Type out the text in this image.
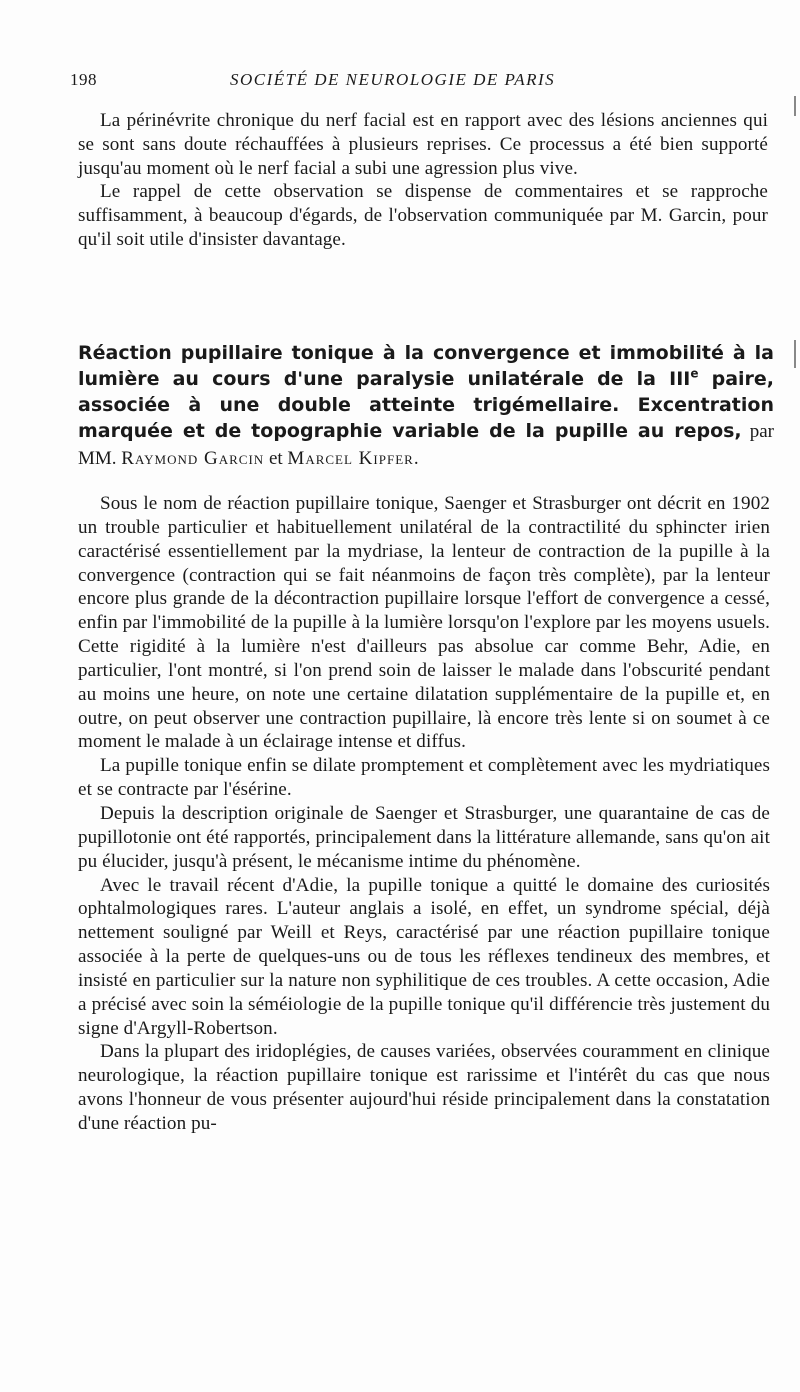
198	SOCIÉTÉ DE NEUROLOGIE DE PARIS

La périnévrite chronique du nerf facial est en rapport avec des lésions anciennes qui se sont sans doute réchauffées à plusieurs reprises. Ce processus a été bien supporté jusqu'au moment où le nerf facial a subi une agression plus vive.

Le rappel de cette observation se dispense de commentaires et se rapproche suffisamment, à beaucoup d'égards, de l'observation communiquée par M. Garcin, pour qu'il soit utile d'insister davantage.

Réaction pupillaire tonique à la convergence et immobilité à la lumière au cours d'une paralysie unilatérale de la IIIe paire, associée à une double atteinte trigémellaire. Excentration marquée et de topographie variable de la pupille au repos, par MM. Raymond Garcin et Marcel Kipfer.

Sous le nom de réaction pupillaire tonique, Saenger et Strasburger ont décrit en 1902 un trouble particulier et habituellement unilatéral de la contractilité du sphincter irien caractérisé essentiellement par la mydriase, la lenteur de contraction de la pupille à la convergence (contraction qui se fait néanmoins de façon très complète), par la lenteur encore plus grande de la décontraction pupillaire lorsque l'effort de convergence a cessé, enfin par l'immobilité de la pupille à la lumière lorsqu'on l'explore par les moyens usuels. Cette rigidité à la lumière n'est d'ailleurs pas absolue car comme Behr, Adie, en particulier, l'ont montré, si l'on prend soin de laisser le malade dans l'obscurité pendant au moins une heure, on note une certaine dilatation supplémentaire de la pupille et, en outre, on peut observer une contraction pupillaire, là encore très lente si on soumet à ce moment le malade à un éclairage intense et diffus.

La pupille tonique enfin se dilate promptement et complètement avec les mydriatiques et se contracte par l'ésérine.

Depuis la description originale de Saenger et Strasburger, une quarantaine de cas de pupillotonie ont été rapportés, principalement dans la littérature allemande, sans qu'on ait pu élucider, jusqu'à présent, le mécanisme intime du phénomène.

Avec le travail récent d'Adie, la pupille tonique a quitté le domaine des curiosités ophtalmologiques rares. L'auteur anglais a isolé, en effet, un syndrome spécial, déjà nettement souligné par Weill et Reys, caractérisé par une réaction pupillaire tonique associée à la perte de quelques-uns ou de tous les réflexes tendineux des membres, et insisté en particulier sur la nature non syphilitique de ces troubles. A cette occasion, Adie a précisé avec soin la séméiologie de la pupille tonique qu'il différencie très justement du signe d'Argyll-Robertson.

Dans la plupart des iridoplégies, de causes variées, observées couramment en clinique neurologique, la réaction pupillaire tonique est rarissime et l'intérêt du cas que nous avons l'honneur de vous présenter aujourd'hui réside principalement dans la constatation d'une réaction pu-
